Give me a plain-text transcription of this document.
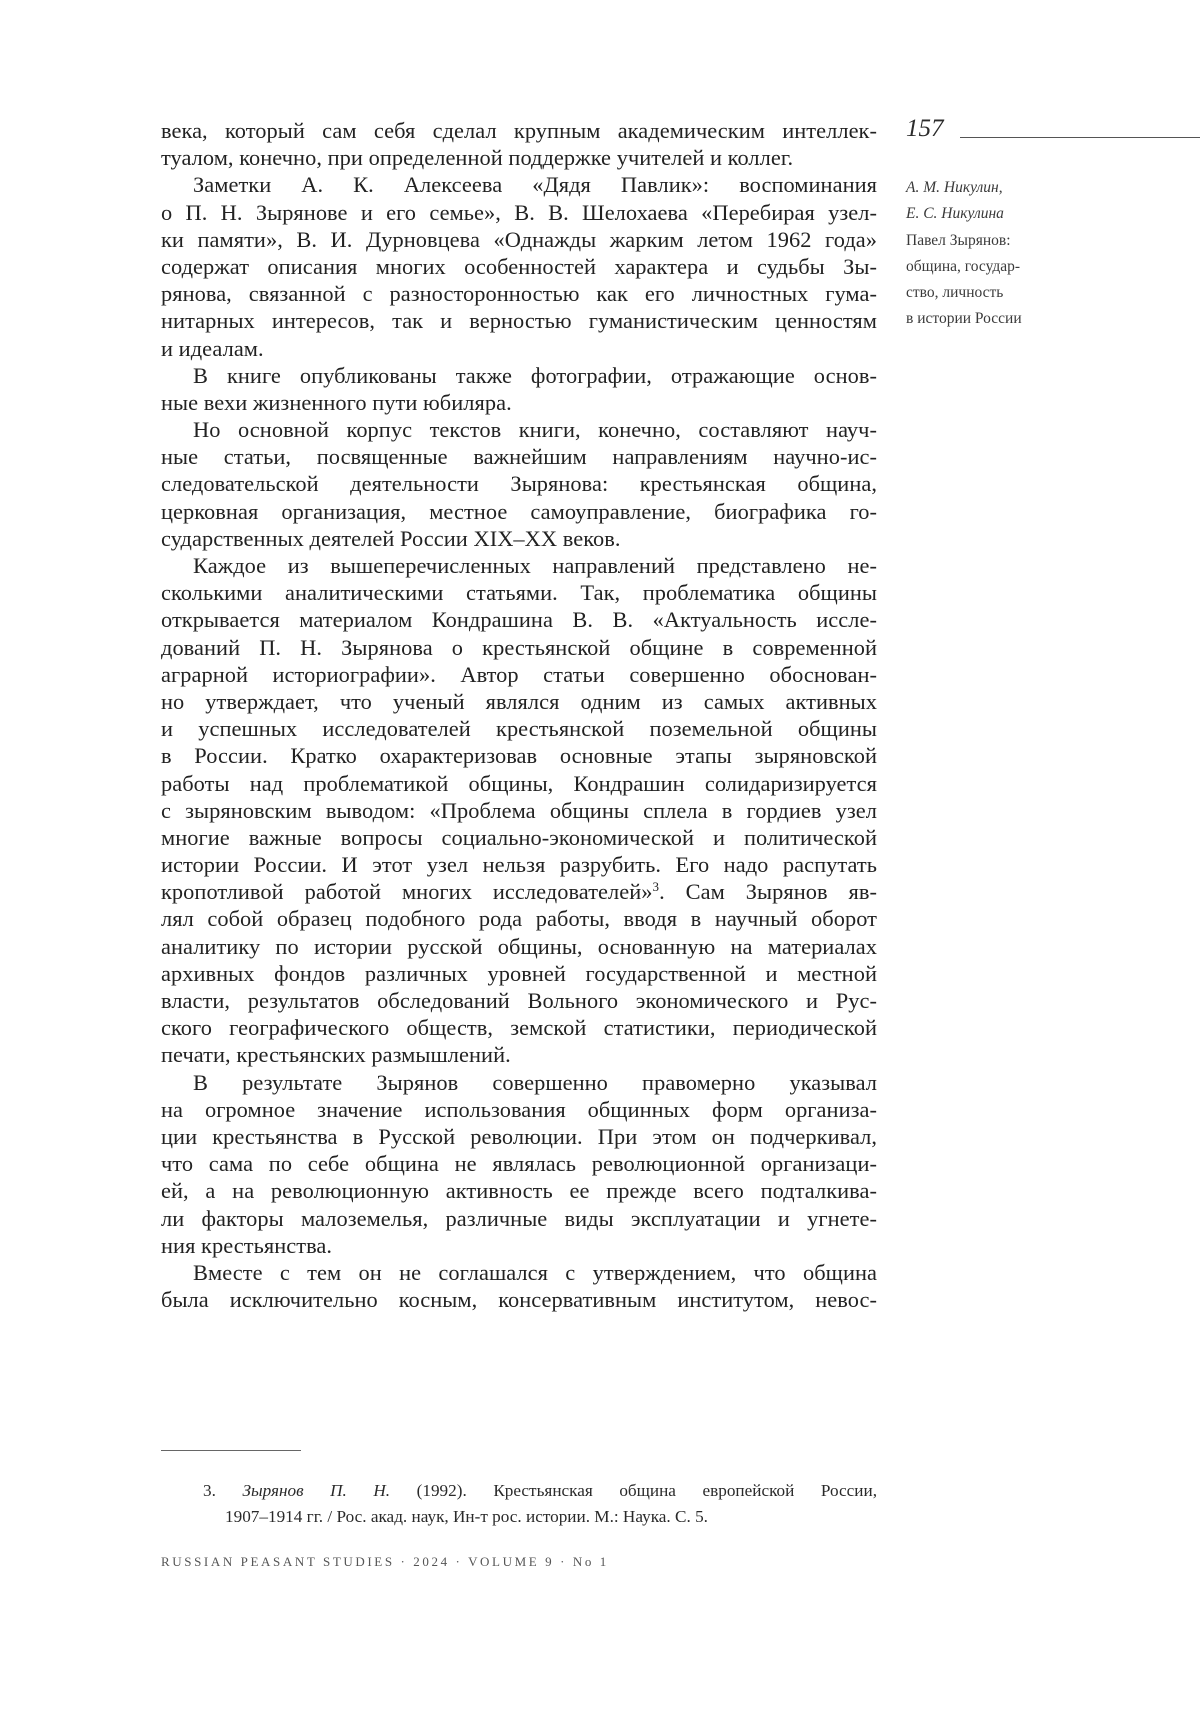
века, который сам себя сделал крупным академическим интеллек-
туалом, конечно, при определенной поддержке учителей и коллег.
Заметки А. К. Алексеева «Дядя Павлик»: воспоминания
о П. Н. Зырянове и его семье», В. В. Шелохаева «Перебирая узел-
ки памяти», В. И. Дурновцева «Однажды жарким летом 1962 года»
содержат описания многих особенностей характера и судьбы Зы-
рянова, связанной с разносторонностью как его личностных гума-
нитарных интересов, так и верностью гуманистическим ценностям
и идеалам.
В книге опубликованы также фотографии, отражающие основ-
ные вехи жизненного пути юбиляра.
Но основной корпус текстов книги, конечно, составляют науч-
ные статьи, посвященные важнейшим направлениям научно-ис-
следовательской деятельности Зырянова: крестьянская община,
церковная организация, местное самоуправление, биографика го-
сударственных деятелей России XIX–XX веков.
Каждое из вышеперечисленных направлений представлено не-
сколькими аналитическими статьями. Так, проблематика общины
открывается материалом Кондрашина В. В. «Актуальность иссле-
дований П. Н. Зырянова о крестьянской общине в современной
аграрной историографии». Автор статьи совершенно обоснован-
но утверждает, что ученый являлся одним из самых активных
и успешных исследователей крестьянской поземельной общины
в России. Кратко охарактеризовав основные этапы зыряновской
работы над проблематикой общины, Кондрашин солидаризируется
с зыряновским выводом: «Проблема общины сплела в гордиев узел
многие важные вопросы социально-экономической и политической
истории России. И этот узел нельзя разрубить. Его надо распутать
кропотливой работой многих исследователей»$^3$. Сам Зырянов яв-
лял собой образец подобного рода работы, вводя в научный оборот
аналитику по истории русской общины, основанную на материалах
архивных фондов различных уровней государственной и местной
власти, результатов обследований Вольного экономического и Рус-
ского географического обществ, земской статистики, периодической
печати, крестьянских размышлений.
В результате Зырянов совершенно правомерно указывал
на огромное значение использования общинных форм организа-
ции крестьянства в Русской революции. При этом он подчеркивал,
что сама по себе община не являлась революционной организаци-
ей, а на революционную активность ее прежде всего подталкива-
ли факторы малоземелья, различные виды эксплуатации и угнете-
ния крестьянства.
Вместе с тем он не соглашался с утверждением, что община
была исключительно косным, консервативным институтом, невос-
157
А. М. Никулин,
Е. С. Никулина
Павел Зырянов:
община, государ-
ство, личность
в истории России
3. Зырянов П. Н. (1992). Крестьянская община европейской России,
1907–1914 гг. / Рос. акад. наук, Ин-т рос. истории. М.: Наука. С. 5.
RUSSIAN PEASANT STUDIES · 2024 · VOLUME 9 · No 1
